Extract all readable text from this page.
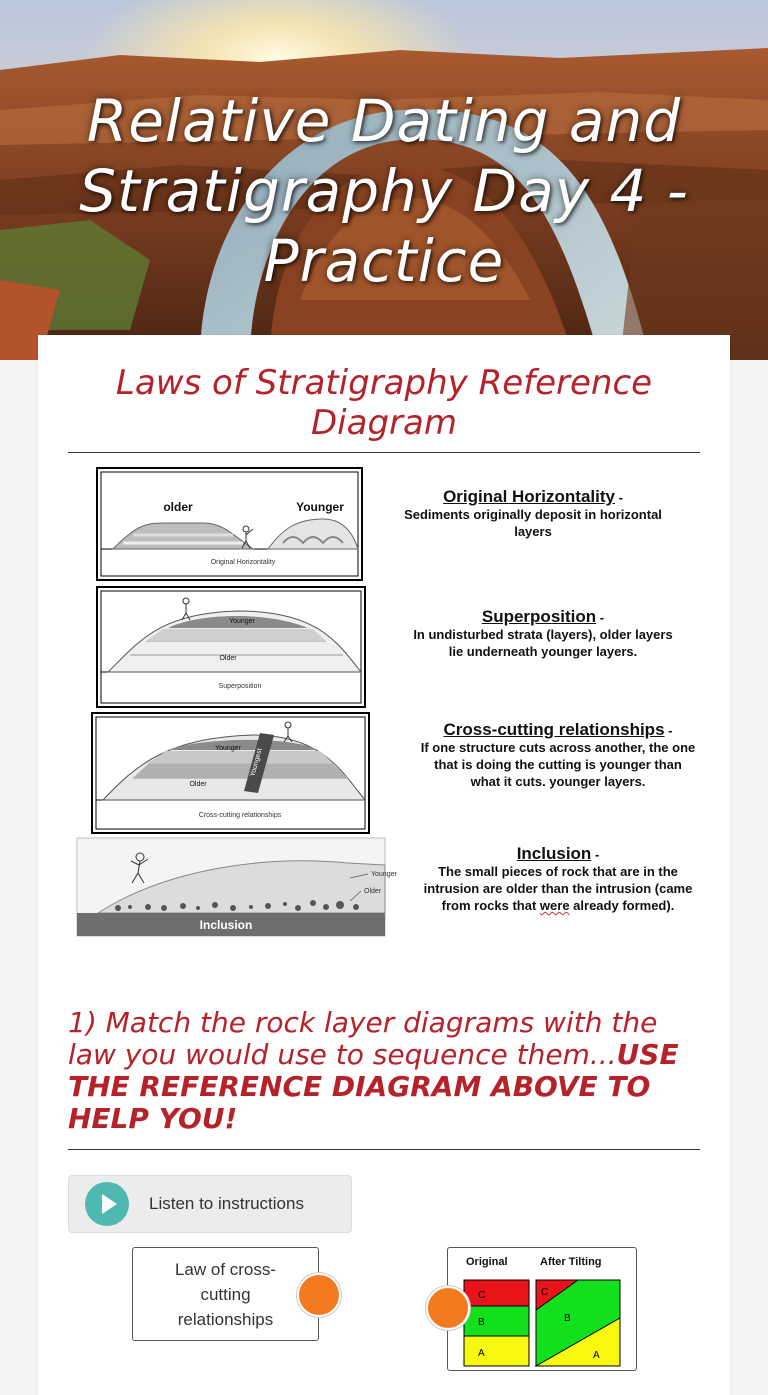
Relative Dating and Stratigraphy Day 4 - Practice
Laws of Stratigraphy Reference Diagram
older	Younger
Original Horizontality
Younger
Older
Superposition
Younger
Older
Youngest
Cross-cutting relationships
Younger
Older
Inclusion
Original Horizontality -
Sediments originally deposit in horizontal layers
Superposition -
In undisturbed strata (layers), older layers lie underneath younger layers.
Cross-cutting relationships -
If one structure cuts across another, the one that is doing the cutting is younger than what it cuts. younger layers.
Inclusion -
The small pieces of rock that are in the intrusion are older than the intrusion (came from rocks that were already formed).
1) Match the rock layer diagrams with the law you would use to sequence them...USE THE REFERENCE DIAGRAM ABOVE TO HELP YOU!
Listen to instructions
Law of cross-cutting relationships
Original	After Tilting
C
B
A
C
B
A
